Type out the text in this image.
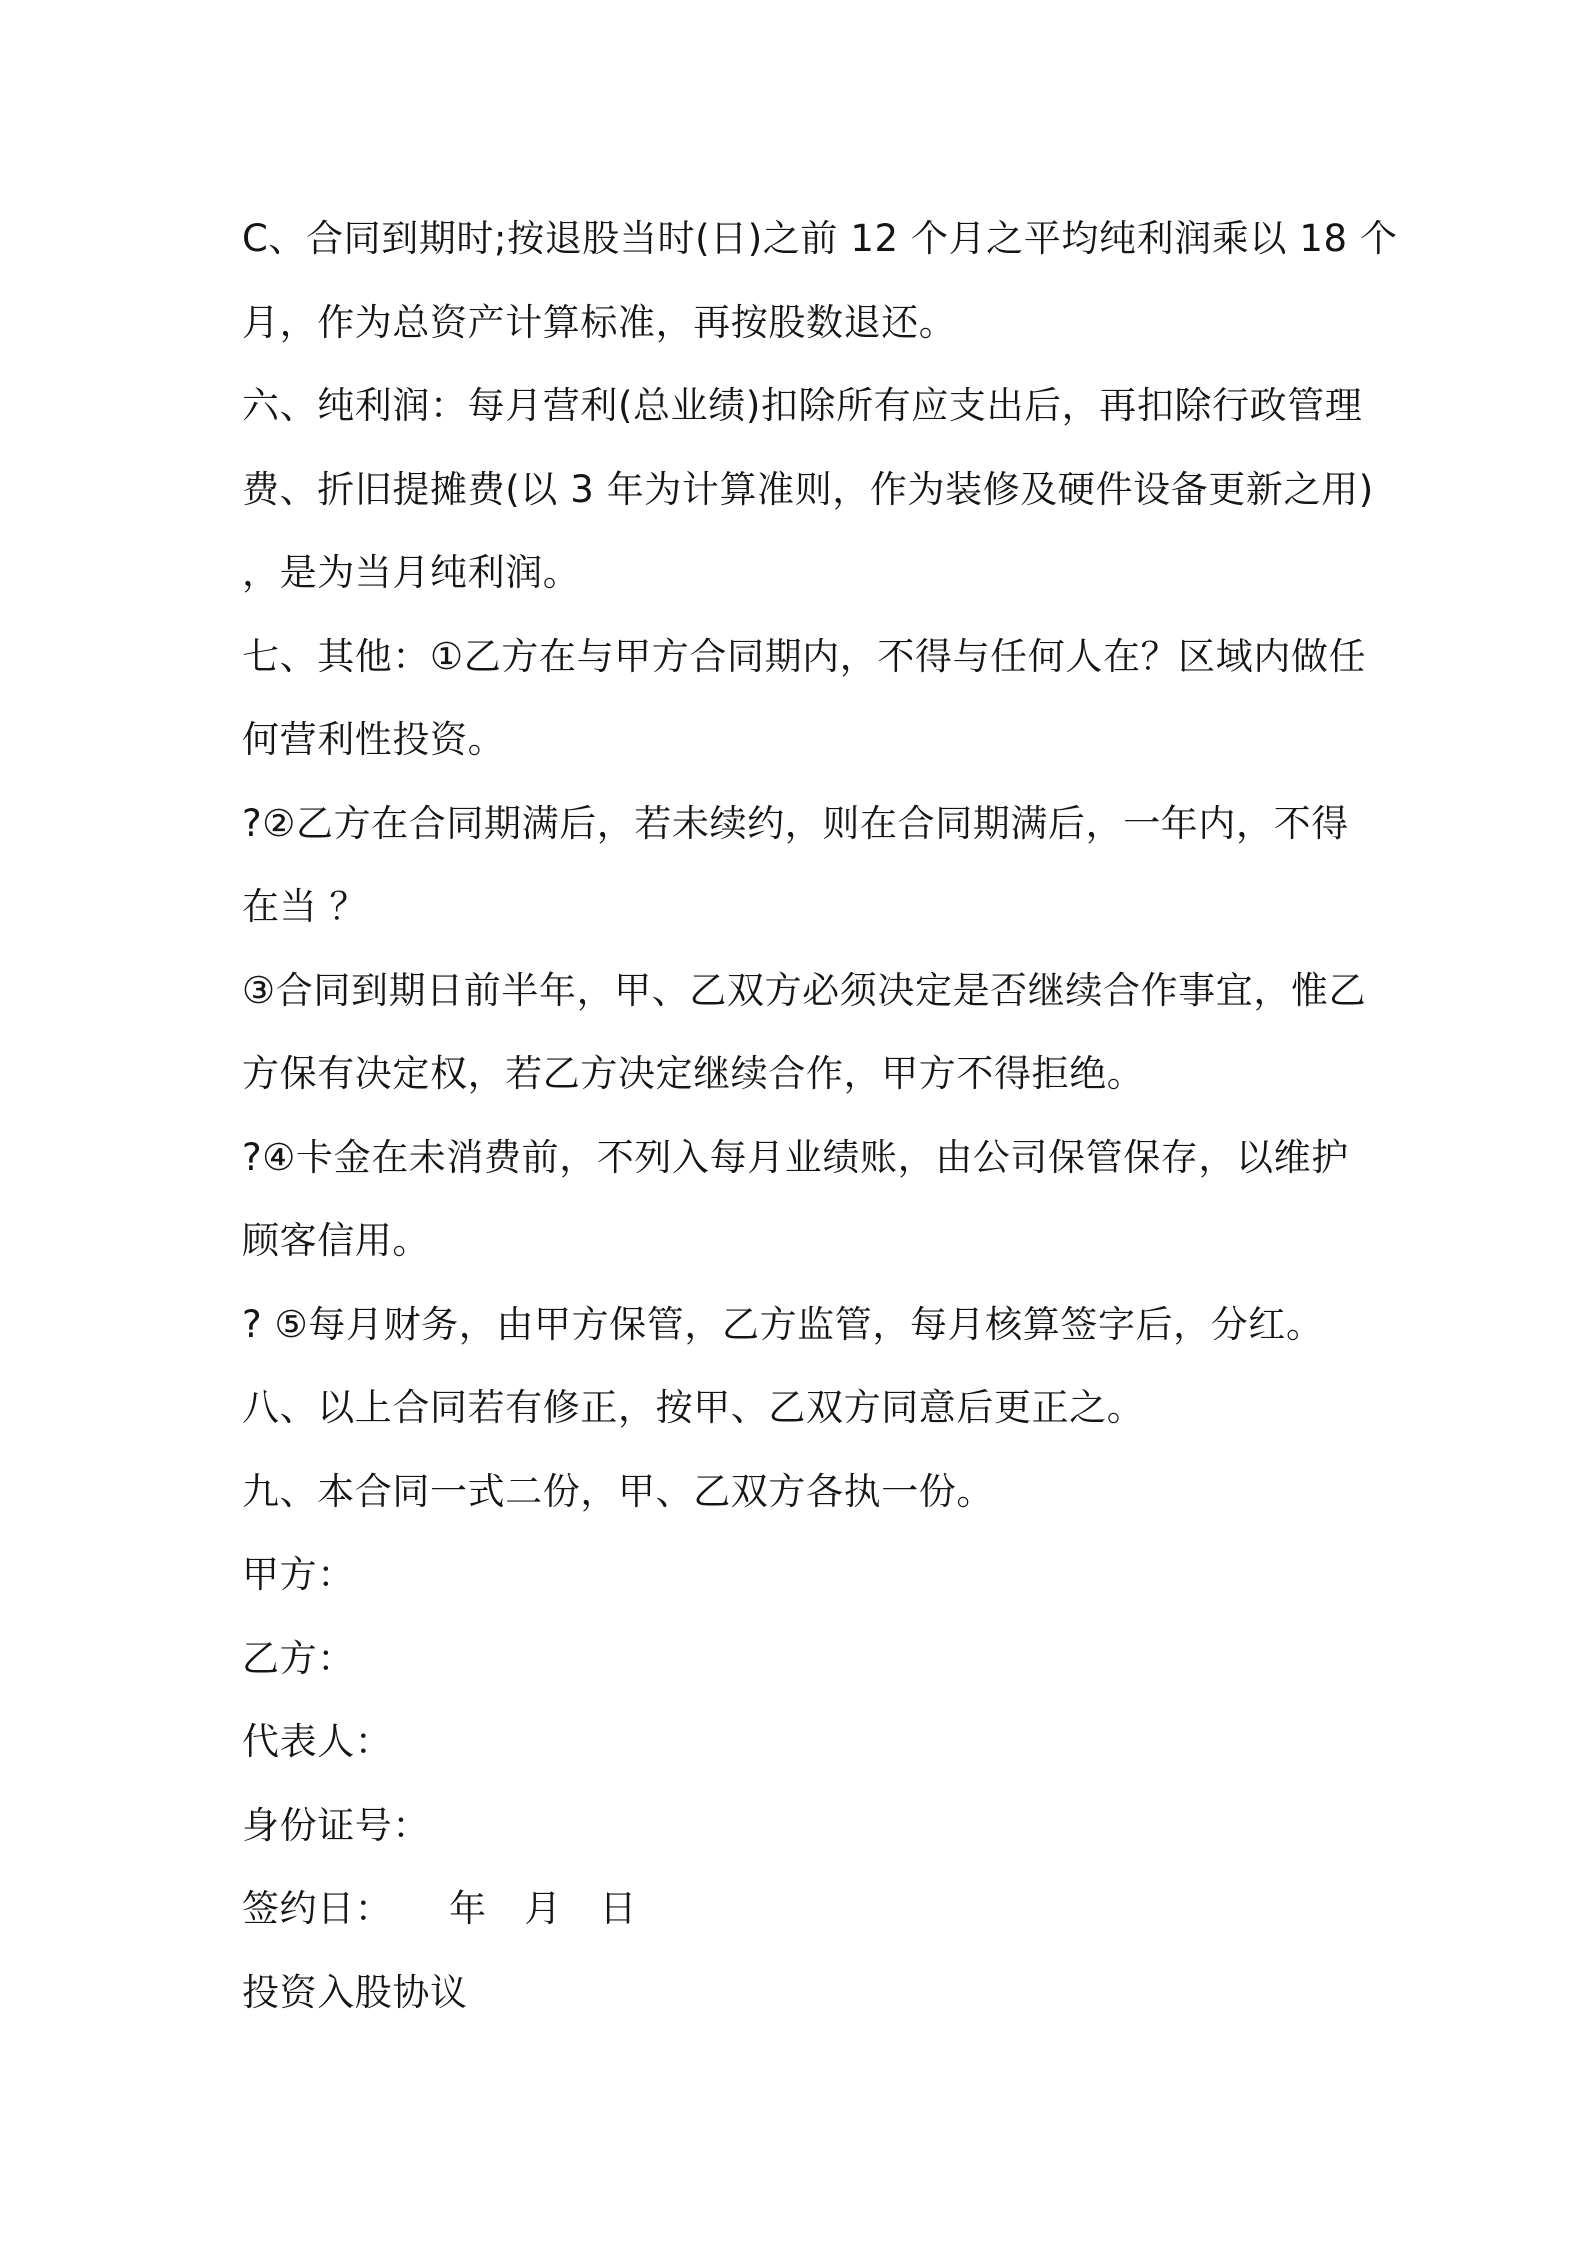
C、合同到期时;按退股当时(日)之前 12 个月之平均纯利润乘以 18 个
月，作为总资产计算标准，再按股数退还。
六、纯利润：每月营利(总业绩)扣除所有应支出后，再扣除行政管理
费、折旧提摊费(以 3 年为计算准则，作为装修及硬件设备更新之用)
，是为当月纯利润。
七、其他：①乙方在与甲方合同期内，不得与任何人在？区域内做任
何营利性投资。
?②乙方在合同期满后，若未续约，则在合同期满后，一年内，不得
在当 ？
③合同到期日前半年，甲、乙双方必须决定是否继续合作事宜，惟乙
方保有决定权，若乙方决定继续合作，甲方不得拒绝。
?④卡金在未消费前，不列入每月业绩账，由公司保管保存，以维护
顾客信用。
? ⑤每月财务，由甲方保管，乙方监管，每月核算签字后，分红。
八、以上合同若有修正，按甲、乙双方同意后更正之。
九、本合同一式二份，甲、乙双方各执一份。
甲方：
乙方：
代表人：
身份证号：
签约日：　　年　月　日
投资入股协议
